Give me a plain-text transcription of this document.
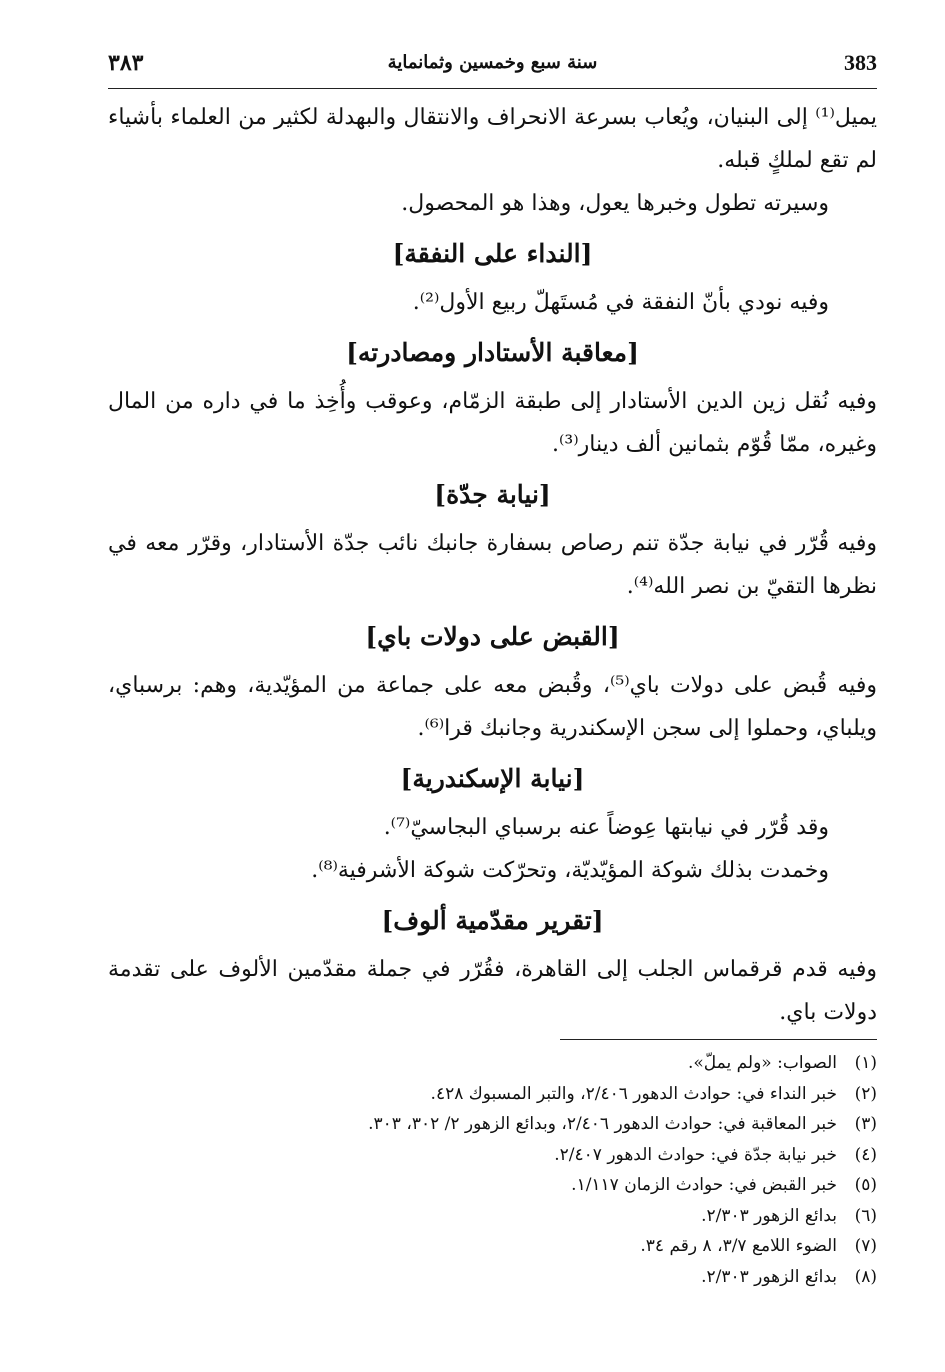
383
سنة سبع وخمسين وثمانماية
٣٨٣

يميل⁽¹⁾ إلى البنيان، ويُعاب بسرعة الانحراف والانتقال والبهدلة لكثير من العلماء بأشياء لم تقع لملكٍ قبله.

وسيرته تطول وخبرها يعول، وهذا هو المحصول.

[النداء على النفقة]

وفيه نودي بأنّ النفقة في مُستَهلّ ربيع الأول⁽²⁾.

[معاقبة الأستادار ومصادرته]

وفيه نُقل زين الدين الأستادار إلى طبقة الزمّام، وعوقب وأُخِذ ما في داره من المال وغيره، ممّا قُوّم بثمانين ألف دينار⁽³⁾.

[نيابة جدّة]

وفيه قُرّر في نيابة جدّة تنم رصاص بسفارة جانبك نائب جدّة الأستادار، وقرّر معه في نظرها التقيّ بن نصر الله⁽⁴⁾.

[القبض على دولات باي]

وفيه قُبض على دولات باي⁽⁵⁾، وقُبض معه على جماعة من المؤيّدية، وهم: برسباي، ويلباي، وحملوا إلى سجن الإسكندرية وجانبك قرا⁽⁶⁾.

[نيابة الإسكندرية]

وقد قُرّر في نيابتها عِوضاً عنه برسباي البجاسيّ⁽⁷⁾.

وخمدت بذلك شوكة المؤيّديّة، وتحرّكت شوكة الأشرفية⁽⁸⁾.

[تقرير مقدّمية ألوف]

وفيه قدم قرقماس الجلب إلى القاهرة، فقُرّر في جملة مقدّمين الألوف على تقدمة دولات باي.

(١)الصواب: «ولم يملّ».
(٢)خبر النداء في: حوادث الدهور ٢/٤٠٦، والتبر المسبوك ٤٢٨.
(٣)خبر المعاقبة في: حوادث الدهور ٢/٤٠٦، وبدائع الزهور ٢/ ٣٠٢، ٣٠٣.
(٤)خبر نيابة جدّة في: حوادث الدهور ٢/٤٠٧.
(٥)خبر القبض في: حوادث الزمان ١/١١٧.
(٦)بدائع الزهور ٢/٣٠٣.
(٧)الضوء اللامع ٣/٧، ٨ رقم ٣٤.
(٨)بدائع الزهور ٢/٣٠٣.
